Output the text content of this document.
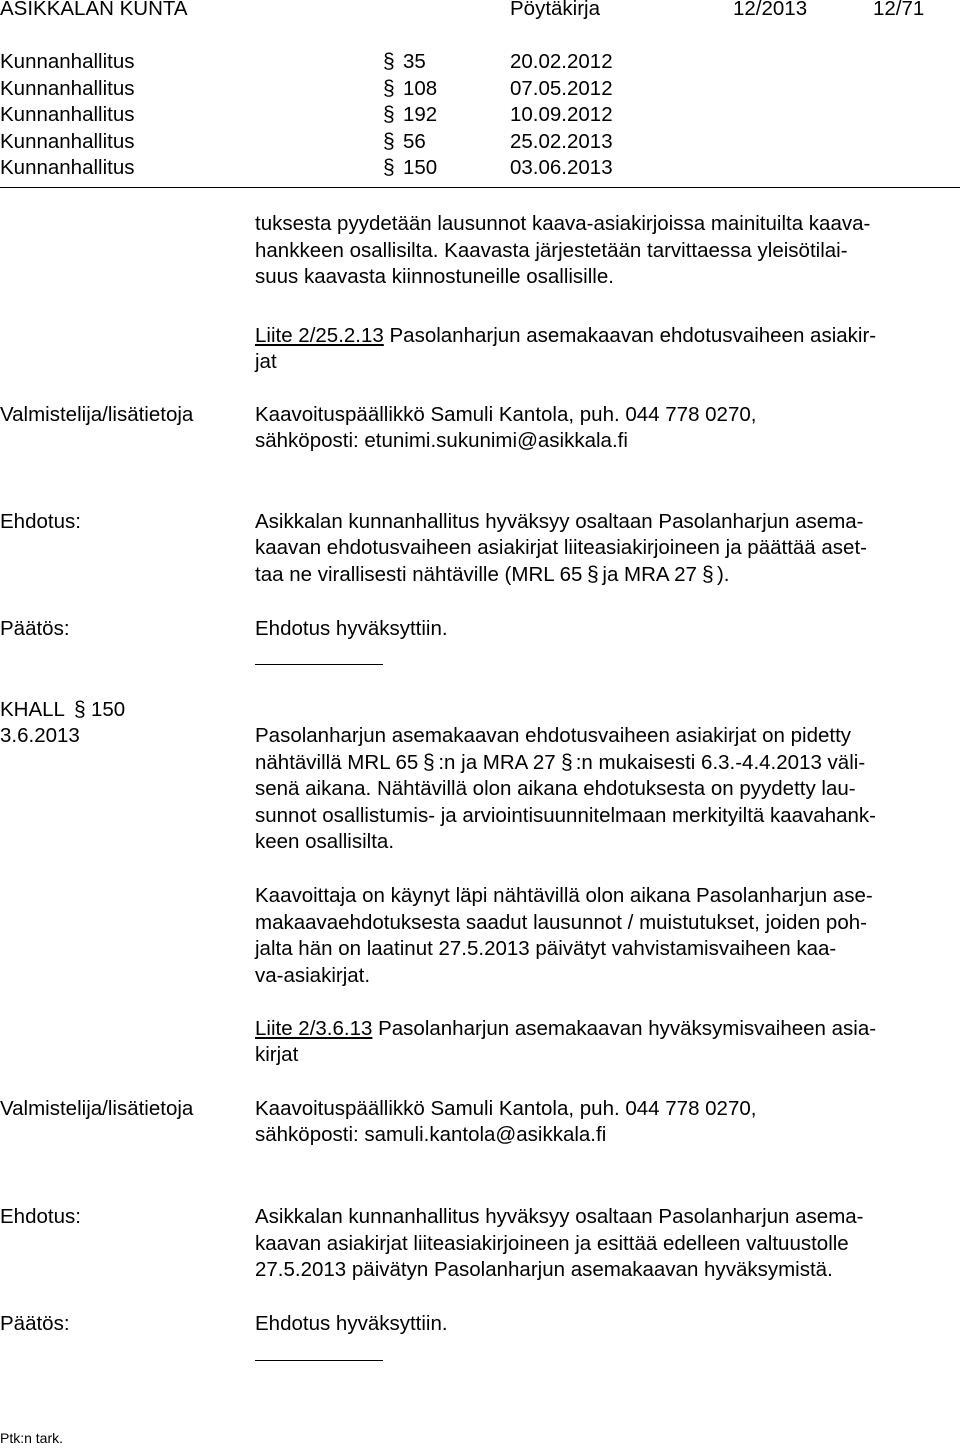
ASIKKALAN KUNTA	Pöytäkirja	12/2013	12/71
Kunnanhallitus	§ 35	20.02.2012
Kunnanhallitus	§ 108	07.05.2012
Kunnanhallitus	§ 192	10.09.2012
Kunnanhallitus	§ 56	25.02.2013
Kunnanhallitus	§ 150	03.06.2013
tuksesta pyydetään lausunnot kaava-asiakirjoissa mainituilta kaava-
hankkeen osallisilta. Kaavasta järjestetään tarvittaessa yleisötilai-
suus kaavasta kiinnostuneille osallisille.
Liite 2/25.2.13 Pasolanharjun asemakaavan ehdotusvaiheen asiakir-
jat
Valmistelija/lisätietoja	Kaavoituspäällikkö Samuli Kantola, puh. 044 778 0270,
sähköposti: etunimi.sukunimi@asikkala.fi
Ehdotus:	Asikkalan kunnanhallitus hyväksyy osaltaan Pasolanharjun asema-
kaavan ehdotusvaiheen asiakirjat liiteasiakirjoineen ja päättää aset-
taa ne virallisesti nähtäville (MRL 65 § ja MRA 27 § ).
Päätös:	Ehdotus hyväksyttiin.
KHALL § 150
3.6.2013	Pasolanharjun asemakaavan ehdotusvaiheen asiakirjat on pidetty
nähtävillä MRL 65 § :n ja MRA 27 § :n mukaisesti 6.3.-4.4.2013 väli-
senä aikana. Nähtävillä olon aikana ehdotuksesta on pyydetty lau-
sunnot osallistumis- ja arviointisuunnitelmaan merkityiltä kaavahank-
keen osallisilta.
Kaavoittaja on käynyt läpi nähtävillä olon aikana Pasolanharjun ase-
makaavaehdotuksesta saadut lausunnot / muistutukset, joiden poh-
jalta hän on laatinut 27.5.2013 päivätyt vahvistamisvaiheen kaa-
va-asiakirjat.
Liite 2/3.6.13 Pasolanharjun asemakaavan hyväksymisvaiheen asia-
kirjat
Valmistelija/lisätietoja	Kaavoituspäällikkö Samuli Kantola, puh. 044 778 0270,
sähköposti: samuli.kantola@asikkala.fi
Ehdotus:	Asikkalan kunnanhallitus hyväksyy osaltaan Pasolanharjun asema-
kaavan asiakirjat liiteasiakirjoineen ja esittää edelleen valtuustolle
27.5.2013 päivätyn Pasolanharjun asemakaavan hyväksymistä.
Päätös:	Ehdotus hyväksyttiin.
Ptk:n tark.
